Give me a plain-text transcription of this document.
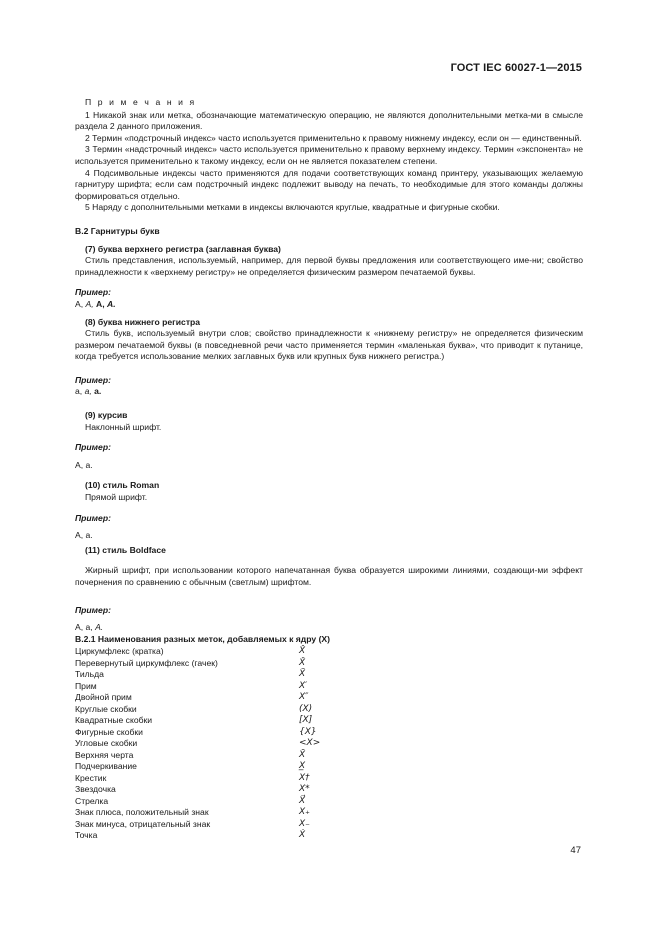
ГОСТ IEC 60027-1—2015

П р и м е ч а н и я

1 Никакой знак или метка, обозначающие математическую операцию, не являются дополнительными метка-ми в смысле раздела 2 данного приложения.

2 Термин «подстрочный индекс» часто используется применительно к правому нижнему индексу, если он — единственный.

3 Термин «надстрочный индекс» часто используется применительно к правому верхнему индексу. Термин «экспонента» не используется применительно к такому индексу, если он не является показателем степени.

4 Подсимвольные индексы часто применяются для подачи соответствующих команд принтеру, указывающих желаемую гарнитуру шрифта; если сам подстрочный индекс подлежит выводу на печать, то необходимые для этого команды должны формироваться отдельно.

5 Наряду с дополнительными метками в индексы включаются круглые, квадратные и фигурные скобки.

B.2 Гарнитуры букв

(7) буква верхнего регистра (заглавная буква)

Стиль представления, используемый, например, для первой буквы предложения или соответствующего име-ни; свойство принадлежности к «верхнему регистру» не определяется физическим размером печатаемой буквы.

Пример:

A, A, A, A.

(8) буква нижнего регистра

Стиль букв, используемый внутри слов; свойство принадлежности к «нижнему регистру» не определяется физическим размером печатаемой буквы (в повседневной речи часто применяется термин «маленькая буква», что приводит к путанице, когда требуется использование мелких заглавных букв или крупных букв нижнего регистра.)

Пример:

a, a, a.

(9) курсив

Наклонный шрифт.

Пример:

A, a.

(10) стиль Roman

Прямой шрифт.

Пример:

A, a.

(11) стиль Boldface

Жирный шрифт, при использовании которого напечатанная буква образуется широкими линиями, создающи-ми эффект почернения по сравнению с обычным (светлым) шрифтом.

Пример:

A, a, A.

B.2.1 Наименования разных меток, добавляемых к ядру (X)

Циркумфлекс (кратка)	X̂
Перевернутый циркумфлекс (гачек)	X̌
Тильда	X̃
Прим	X′
Двойной прим	X″
Круглые скобки	(X)
Квадратные скобки	[X]
Фигурные скобки	{X}
Угловые скобки	<X>
Верхняя черта	X̄
Подчеркивание	X̲
Крестик	X†
Звездочка	X*
Стрелка	X⃗
Знак плюса, положительный знак	X₊
Знак минуса, отрицательный знак	X₋
Точка	Ẋ
47
